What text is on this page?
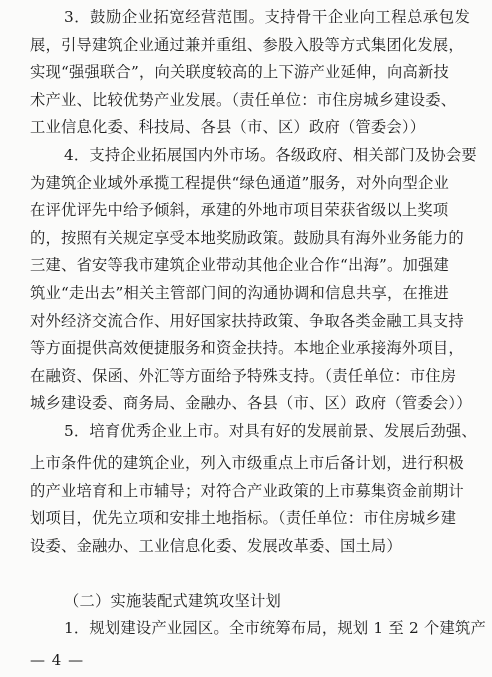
3．鼓励企业拓宽经营范围。支持骨干企业向工程总承包发
展，引导建筑企业通过兼并重组、参股入股等方式集团化发展，
实现“强强联合”，向关联度较高的上下游产业延伸，向高新技
术产业、比较优势产业发展。（责任单位：市住房城乡建设委、
工业信息化委、科技局、各县（市、区）政府（管委会））
4．支持企业拓展国内外市场。各级政府、相关部门及协会要
为建筑企业域外承揽工程提供“绿色通道”服务，对外向型企业
在评优评先中给予倾斜，承建的外地市项目荣获省级以上奖项
的，按照有关规定享受本地奖励政策。鼓励具有海外业务能力的
三建、省安等我市建筑企业带动其他企业合作“出海”。加强建
筑业“走出去”相关主管部门间的沟通协调和信息共享，在推进
对外经济交流合作、用好国家扶持政策、争取各类金融工具支持
等方面提供高效便捷服务和资金扶持。本地企业承接海外项目，
在融资、保函、外汇等方面给予特殊支持。（责任单位：市住房
城乡建设委、商务局、金融办、各县（市、区）政府（管委会））
5．培育优秀企业上市。对具有好的发展前景、发展后劲强、
上市条件优的建筑企业，列入市级重点上市后备计划，进行积极
的产业培育和上市辅导；对符合产业政策的上市募集资金前期计
划项目，优先立项和安排土地指标。（责任单位：市住房城乡建
设委、金融办、工业信息化委、发展改革委、国土局）
（二）实施装配式建筑攻坚计划
1．规划建设产业园区。全市统筹布局，规划 1 至 2 个建筑产
— 4 —
